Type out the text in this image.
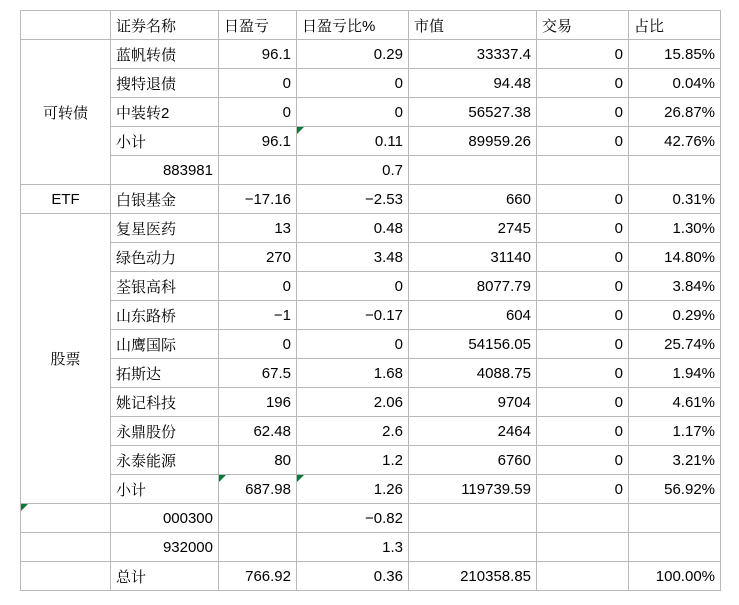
	证券名称	日盈亏	日盈亏比%	市值	交易	占比
可转债	蓝帆转债	96.1	0.29	33337.4	0	15.85%
	搜特退债	0	0	94.48	0	0.04%
	中装转2	0	0	56527.38	0	26.87%
	小计	96.1	0.11	89959.26	0	42.76%
	883981		0.7			
ETF	白银基金	−17.16	−2.53	660	0	0.31%
股票	复星医药	13	0.48	2745	0	1.30%
	绿色动力	270	3.48	31140	0	14.80%
	荃银高科	0	0	8077.79	0	3.84%
	山东路桥	−1	−0.17	604	0	0.29%
	山鹰国际	0	0	54156.05	0	25.74%
	拓斯达	67.5	1.68	4088.75	0	1.94%
	姚记科技	196	2.06	9704	0	4.61%
	永鼎股份	62.48	2.6	2464	0	1.17%
	永泰能源	80	1.2	6760	0	3.21%
	小计	687.98	1.26	119739.59	0	56.92%
	000300		−0.82			
	932000		1.3			
	总计	766.92	0.36	210358.85		100.00%
